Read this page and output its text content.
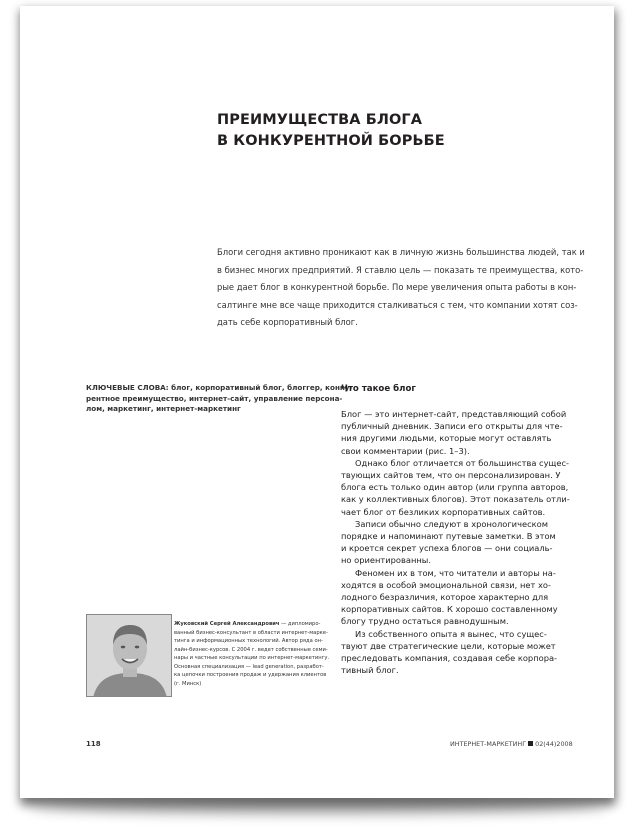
ПРЕИМУЩЕСТВА БЛОГА
В КОНКУРЕНТНОЙ БОРЬБЕ
Блоги сегодня активно проникают как в личную жизнь большинства людей, так и
в бизнес многих предприятий. Я ставлю цель — показать те преимущества, кото-
рые дает блог в конкурентной борьбе. По мере увеличения опыта работы в кон-
салтинге мне все чаще приходится сталкиваться с тем, что компании хотят соз-
дать себе корпоративный блог.
КЛЮЧЕВЫЕ СЛОВА: блог, корпоративный блог, блоггер, конку-
рентное преимущество, интернет-сайт, управление персона-
лом, маркетинг, интернет-маркетинг
Что такое блог
Блог — это интернет-сайт, представляющий собой
публичный дневник. Записи его открыты для чте-
ния другими людьми, которые могут оставлять
свои комментарии (рис. 1–3).
Однако блог отличается от большинства сущес-
твующих сайтов тем, что он персонализирован. У
блога есть только один автор (или группа авторов,
как у коллективных блогов). Этот показатель отли-
чает блог от безликих корпоративных сайтов.
Записи обычно следуют в хронологическом
порядке и напоминают путевые заметки. В этом
и кроется секрет успеха блогов — они социаль-
но ориентированны.
Феномен их в том, что читатели и авторы на-
ходятся в особой эмоциональной связи, нет хо-
лодного безразличия, которое характерно для
корпоративных сайтов. К хорошо составленному
блогу трудно остаться равнодушным.
Из собственного опыта я вынес, что сущес-
твуют две стратегические цели, которые может
преследовать компания, создавая себе корпора-
тивный блог.
Жуковский Сергей Александрович — дипломиро-
ванный бизнес-консультант в области интернет-марке-
тинга и информационных технологий. Автор ряда он-
лайн-бизнес-курсов. С 2004 г. ведет собственные семи-
нары и частные консультации по интернет-маркетингу.
Основная специализация — lead generation, разработ-
ка цепочки построения продаж и удержания клиентов
(г. Минск)
118	ИНТЕРНЕТ-МАРКЕТИНГ 02(44)2008
